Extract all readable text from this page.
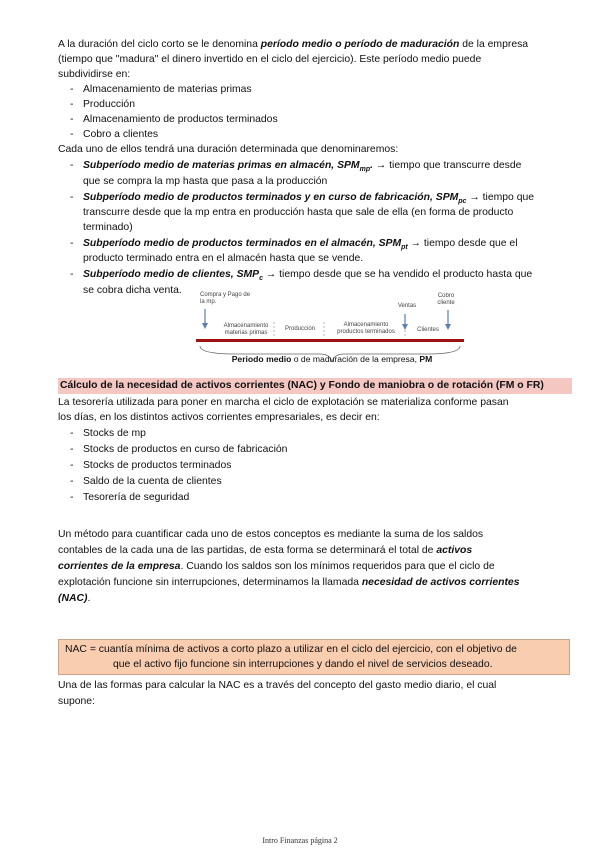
A la duración del ciclo corto se le denomina período medio o período de maduración de la empresa
(tiempo que "madura" el dinero invertido en el ciclo del ejercicio). Este período medio puede
subdividirse en:
- Almacenamiento de materias primas
- Producción
- Almacenamiento de productos terminados
- Cobro a clientes
Cada uno de ellos tendrá una duración determinada que denominaremos:
- Subperíodo medio de materias primas en almacén, $SPM_{mp}$. → tiempo que transcurre desde
que se compra la mp hasta que pasa a la producción
- Subperíodo medio de productos terminados y en curso de fabricación, $SPM_{pc}$ → tiempo que
transcurre desde que la mp entra en producción hasta que sale de ella (en forma de producto
terminado)
- Subperíodo medio de productos terminados en el almacén, $SPM_{pt}$ → tiempo desde que el
producto terminado entra en el almacén hasta que se vende.
- Subperíodo medio de clientes, $SMP_c$ → tiempo desde que se ha vendido el producto hasta que
se cobra dicha venta.	Compra y Pago de la mp.
Ventas
Cobro cliente
Almacenamiento materias primas
Producción
Almacenamiento productos terminados	Clientes
Periodo medio o de maduración de la empresa, PM
Cálculo de la necesidad de activos corrientes (NAC) y Fondo de maniobra o de rotación (FM o FR)
La tesorería utilizada para poner en marcha el ciclo de explotación se materializa conforme pasan
los días, en los distintos activos corrientes empresariales, es decir en:
- Stocks de mp
- Stocks de productos en curso de fabricación
- Stocks de productos terminados
- Saldo de la cuenta de clientes
- Tesorería de seguridad
Un método para cuantificar cada uno de estos conceptos es mediante la suma de los saldos
contables de la cada una de las partidas, de esta forma se determinará el total de activos
corrientes de la empresa. Cuando los saldos son los mínimos requeridos para que el ciclo de
explotación funcione sin interrupciones, determinamos la llamada necesidad de activos corrientes
(NAC).
NAC = cuantía mínima de activos a corto plazo a utilizar en el ciclo del ejercicio, con el objetivo de
que el activo fijo funcione sin interrupciones y dando el nivel de servicios deseado.
Una de las formas para calcular la NAC es a través del concepto del gasto medio diario, el cual
supone:
Intro Finanzas página 2
